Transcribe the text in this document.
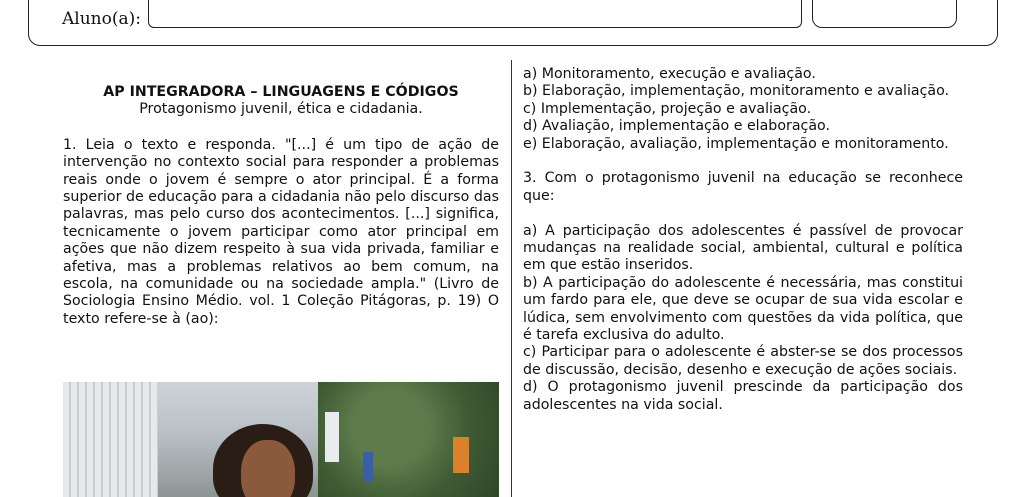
Aluno(a):

AP INTEGRADORA – LINGUAGENS E CÓDIGOS

Protagonismo juvenil, ética e cidadania.

1. Leia o texto e responda. "[...] é um tipo de ação de intervenção no contexto social para responder a problemas reais onde o jovem é sempre o ator principal. É a forma superior de educação para a cidadania não pelo discurso das palavras, mas pelo curso dos acontecimentos. [...] significa, tecnicamente o jovem participar como ator principal em ações que não dizem respeito à sua vida privada, familiar e afetiva, mas a problemas relativos ao bem comum, na escola, na comunidade ou na sociedade ampla." (Livro de Sociologia Ensino Médio. vol. 1 Coleção Pitágoras, p. 19) O texto refere-se à (ao):

a) Monitoramento, execução e avaliação.

b) Elaboração, implementação, monitoramento e avaliação.

c) Implementação, projeção e avaliação.

d) Avaliação, implementação e elaboração.

e) Elaboração, avaliação, implementação e monitoramento.

3. Com o protagonismo juvenil na educação se reconhece que:

a) A participação dos adolescentes é passível de provocar mudanças na realidade social, ambiental, cultural e política em que estão inseridos.

b) A participação do adolescente é necessária, mas constitui um fardo para ele, que deve se ocupar de sua vida escolar e lúdica, sem envolvimento com questões da vida política, que é tarefa exclusiva do adulto.

c) Participar para o adolescente é abster-se se dos processos de discussão, decisão, desenho e execução de ações sociais.

d) O protagonismo juvenil prescinde da participação dos adolescentes na vida social.
